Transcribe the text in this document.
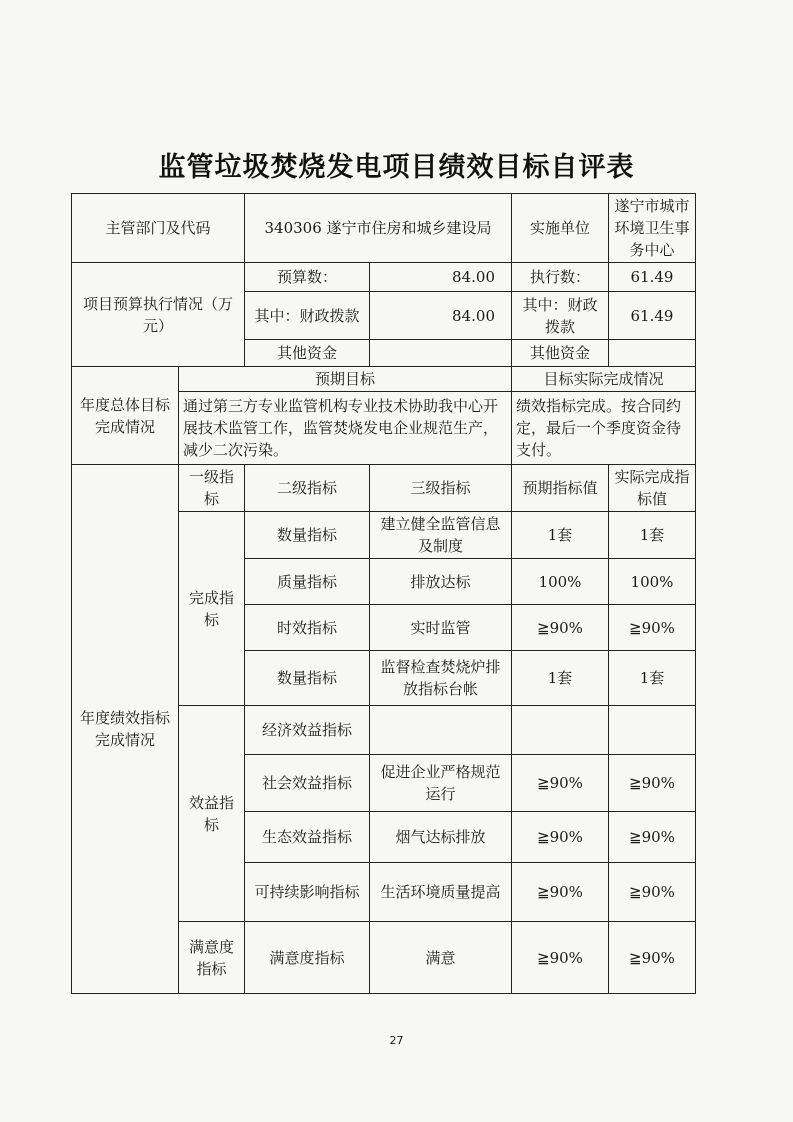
监管垃圾焚烧发电项目绩效目标自评表
主管部门及代码		340306 遂宁市住房和城乡建设局		实施单位	遂宁市城市环境卫生事务中心
项目预算执行情况（万元）		预算数：	84.00	执行数：	61.49
		其中：财政拨款	84.00	其中：财政拨款	61.49
		其他资金		其他资金	
年度总体目标完成情况	预期目标			目标实际完成情况	
	通过第三方专业监管机构专业技术协助我中心开展技术监管工作，监管焚烧发电企业规范生产，减少二次污染。			绩效指标完成。按合同约定，最后一个季度资金待支付。	
年度绩效指标完成情况	一级指标	二级指标	三级指标	预期指标值	实际完成指标值
	完成指标	数量指标	建立健全监管信息及制度	1套	1套
		质量指标	排放达标	100%	100%
		时效指标	实时监管	≧90%	≧90%
		数量指标	监督检查焚烧炉排放指标台帐	1套	1套
	效益指标	经济效益指标			
		社会效益指标	促进企业严格规范运行	≧90%	≧90%
		生态效益指标	烟气达标排放	≧90%	≧90%
		可持续影响指标	生活环境质量提高	≧90%	≧90%
	满意度指标	满意度指标	满意	≧90%	≧90%
27
